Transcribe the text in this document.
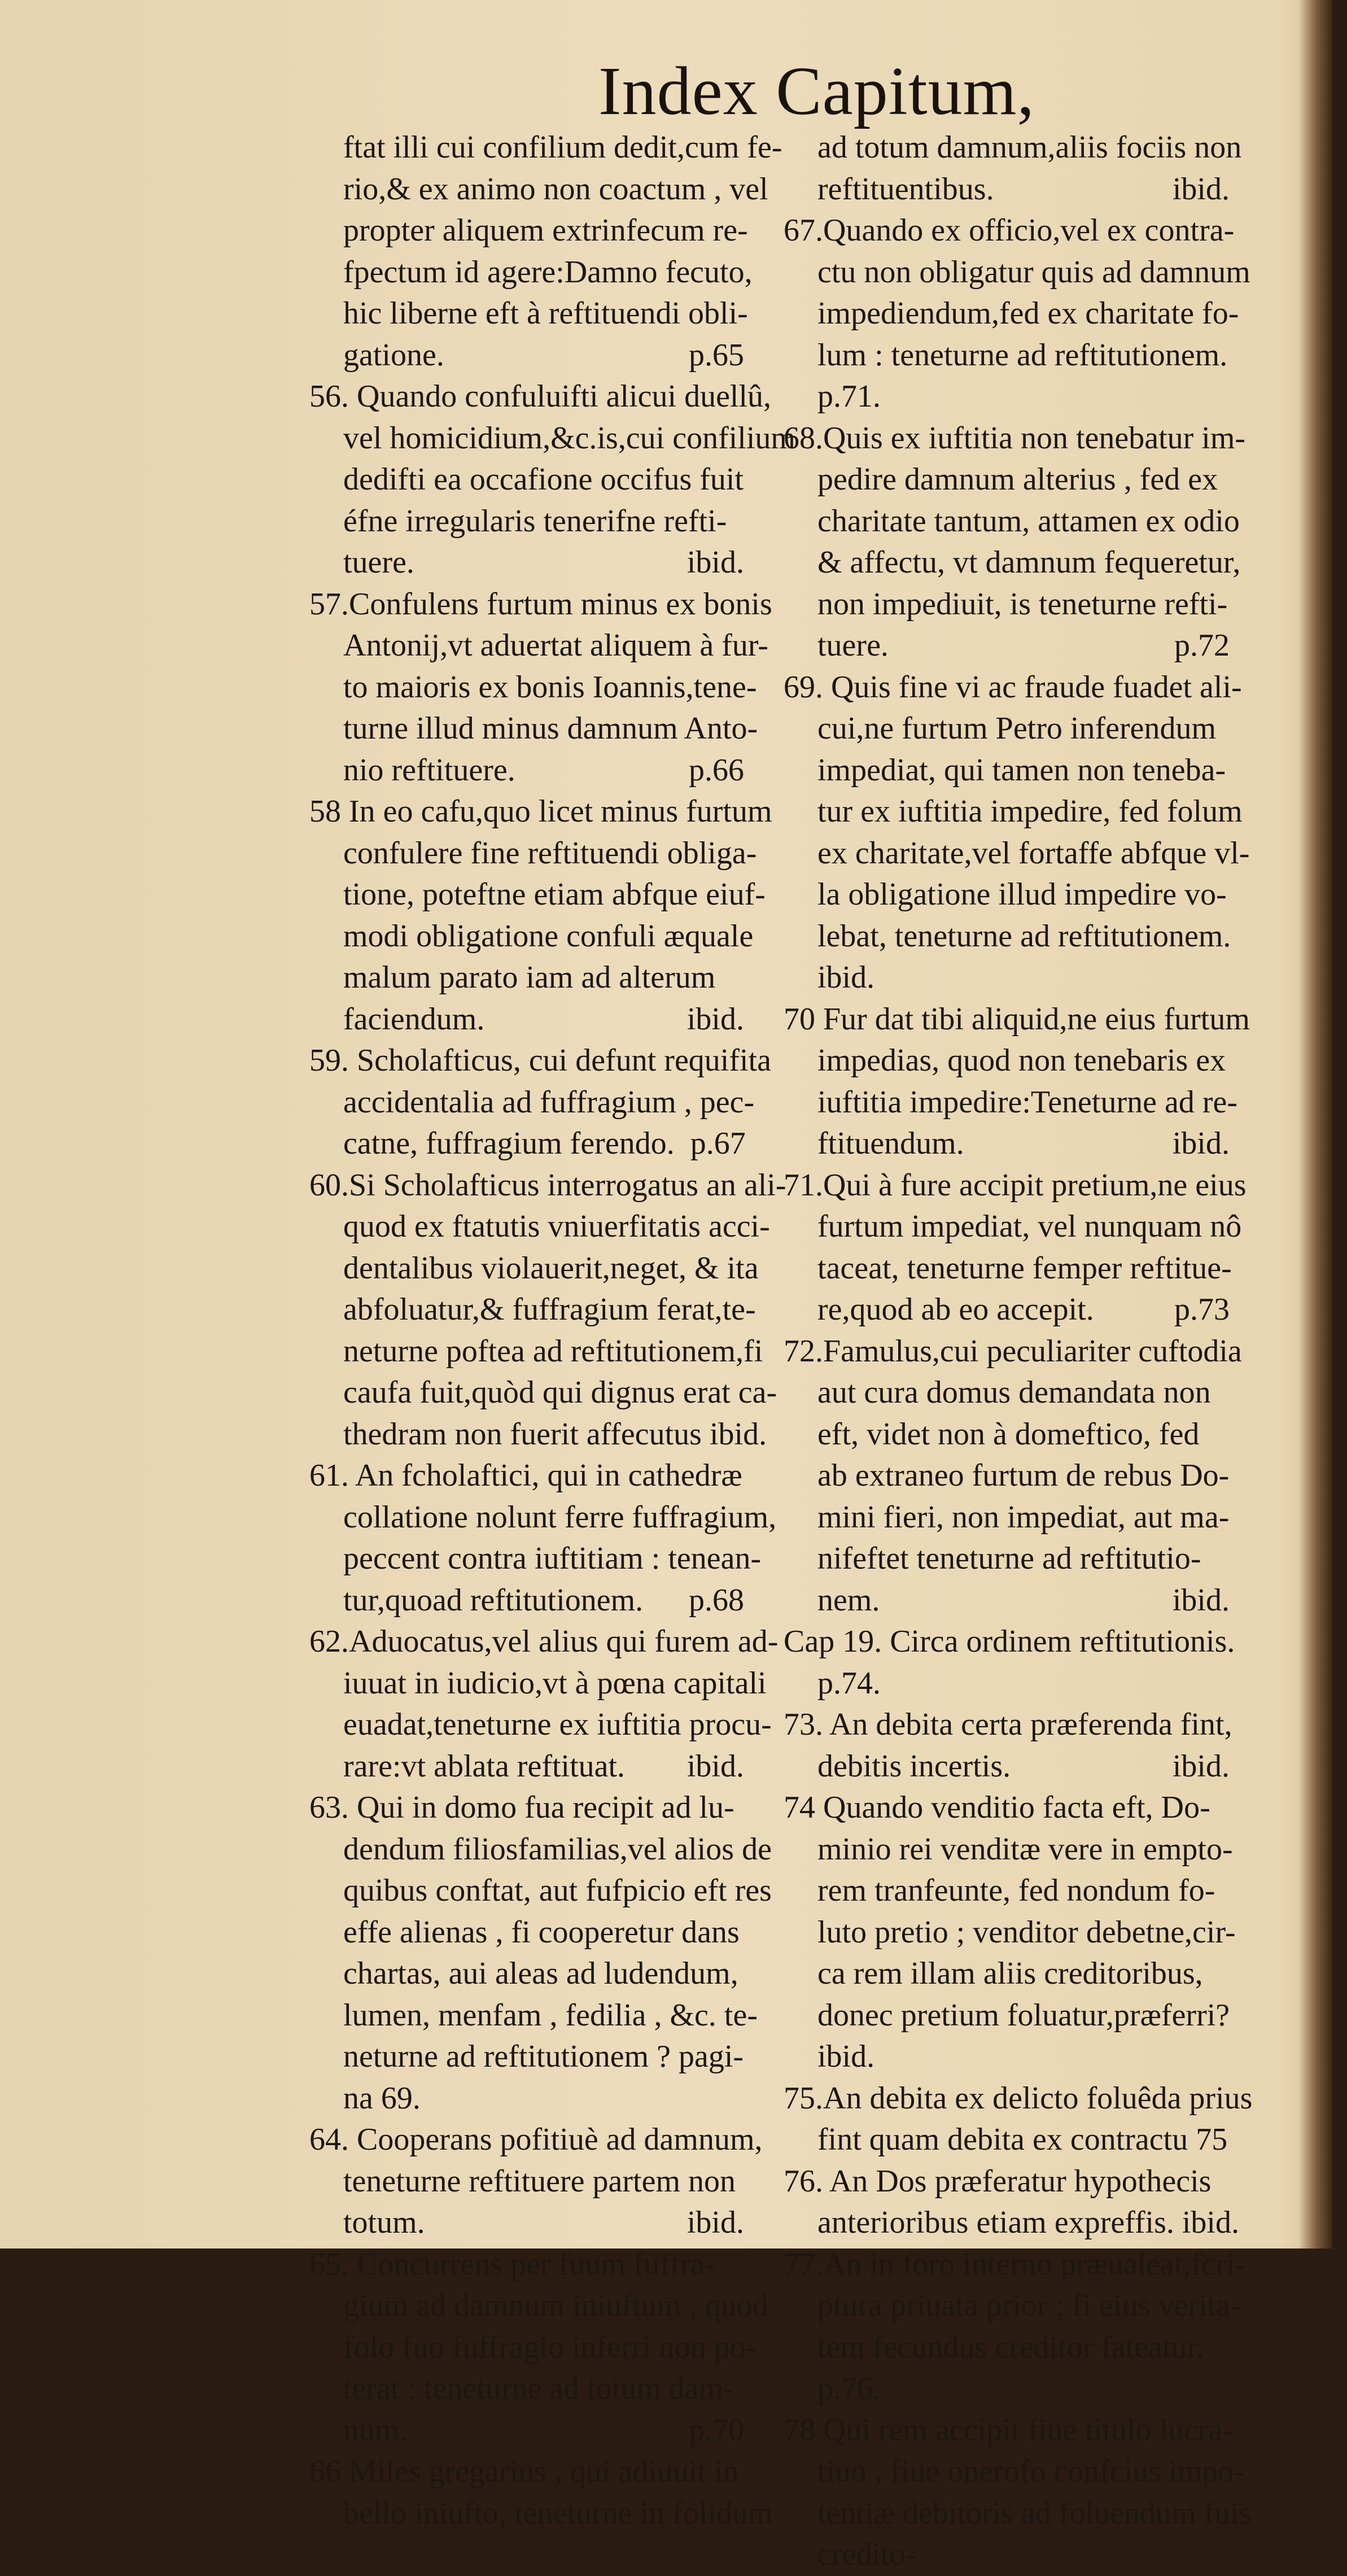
Index Capitum,
ftat illi cui confilium dedit,cum fe-
rio,& ex animo non coactum , vel
propter aliquem extrinfecum re-
fpectum id agere:Damno fecuto,
hic liberne eft à reftituendi obli-
gatione.	p.65
56. Quando confuluifti alicui duellû,
vel homicidium,&c.is,cui confilium
dedifti ea occafione occifus fuit
éfne irregularis tenerifne refti-
tuere.	ibid.
57.Confulens furtum minus ex bonis
Antonij,vt aduertat aliquem à fur-
to maioris ex bonis Ioannis,tene-
turne illud minus damnum Anto-
nio reftituere.	p.66
58 In eo cafu,quo licet minus furtum
confulere fine reftituendi obliga-
tione, poteftne etiam abfque eiuf-
modi obligatione confuli æquale
malum parato iam ad alterum
faciendum.	ibid.
59. Scholafticus, cui defunt requifita
accidentalia ad fuffragium , pec-
catne, fuffragium ferendo. p.67
60.Si Scholafticus interrogatus an ali-
quod ex ftatutis vniuerfitatis acci-
dentalibus violauerit,neget, & ita
abfoluatur,& fuffragium ferat,te-
neturne poftea ad reftitutionem,fi
caufa fuit,quòd qui dignus erat ca-
thedram non fuerit affecutus ibid.
61. An fcholaftici, qui in cathedræ
collatione nolunt ferre fuffragium,
peccent contra iuftitiam : tenean-
tur,quoad reftitutionem.	p.68
62.Aduocatus,vel alius qui furem ad-
iuuat in iudicio,vt à pœna capitali
euadat,teneturne ex iuftitia procu-
rare:vt ablata reftituat.	ibid.
63. Qui in domo fua recipit ad lu-
dendum filiosfamilias,vel alios de
quibus conftat, aut fufpicio eft res
effe alienas , fi cooperetur dans
chartas, aui aleas ad ludendum,
lumen, menfam , fedilia , &c. te-
neturne ad reftitutionem ? pagi-
na 69.
64. Cooperans pofitiuè ad damnum,
teneturne reftituere partem non
totum.	ibid.
65. Concurrens per fuum fuffra-
gium ad damnum iniuftum , quod
folo fuo fuffragio inferri non po-
terat : teneturne ad totum dam-
num.	p.70
66 Miles gregarius , qui adiuuit in
bello iniufto, teneturne in folidum
ad totum damnum,aliis fociis non
reftituentibus.	ibid.
67.Quando ex officio,vel ex contra-
ctu non obligatur quis ad damnum
impediendum,fed ex charitate fo-
lum : teneturne ad reftitutionem.
p.71.
68.Quis ex iuftitia non tenebatur im-
pedire damnum alterius , fed ex
charitate tantum, attamen ex odio
& affectu, vt damnum fequeretur,
non impediuit, is teneturne refti-
tuere.	p.72
69. Quis fine vi ac fraude fuadet ali-
cui,ne furtum Petro inferendum
impediat, qui tamen non teneba-
tur ex iuftitia impedire, fed folum
ex charitate,vel fortaffe abfque vl-
la obligatione illud impedire vo-
lebat, teneturne ad reftitutionem.
ibid.
70 Fur dat tibi aliquid,ne eius furtum
impedias, quod non tenebaris ex
iuftitia impedire:Teneturne ad re-
ftituendum.	ibid.
71.Qui à fure accipit pretium,ne eius
furtum impediat, vel nunquam nô
taceat, teneturne femper reftitue-
re,quod ab eo accepit.	p.73
72.Famulus,cui peculiariter cuftodia
aut cura domus demandata non
eft, videt non à domeftico, fed
ab extraneo furtum de rebus Do-
mini fieri, non impediat, aut ma-
nifeftet teneturne ad reftitutio-
nem.	ibid.
Cap 19. Circa ordinem reftitutionis.
p.74.
73. An debita certa præferenda fint,
debitis incertis.	ibid.
74 Quando venditio facta eft, Do-
minio rei venditæ vere in empto-
rem tranfeunte, fed nondum fo-
luto pretio ; venditor debetne,cir-
ca rem illam aliis creditoribus,
donec pretium foluatur,præferri?
ibid.
75.An debita ex delicto foluêda prius
fint quam debita ex contractu 75
76. An Dos præferatur hypothecis
anterioribus etiam expreffis. ibid.
77.An in foro interno præualeat,fcri-
ptura priuata prior ; fi eius verita-
tem fecundus creditor fateatur.
p.76.
78 Qui rem accipit fiue titulo lucra-
tiuo , fiue onerofo confcius impo-
tentiæ debitoris ad foluendum fuis
credito-
